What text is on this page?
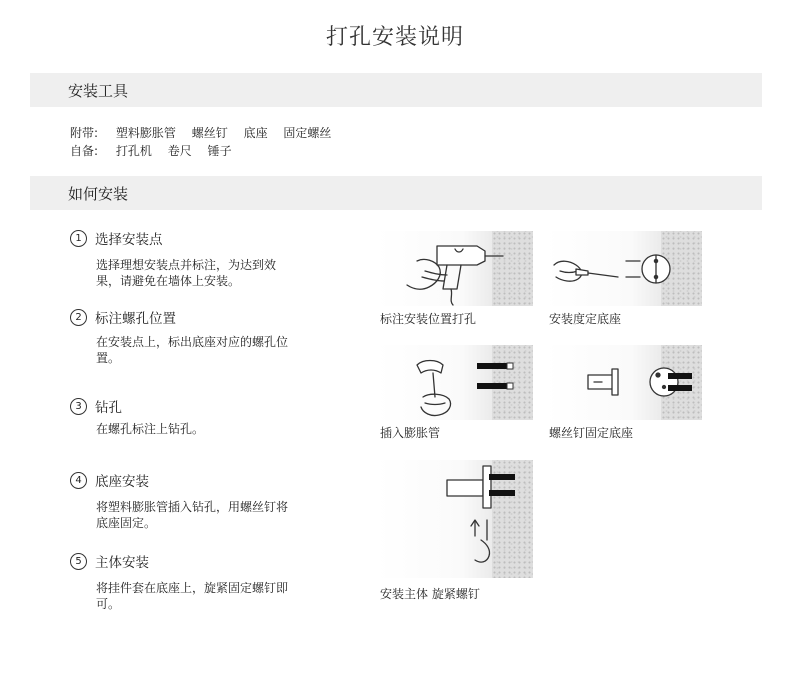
打孔安装说明
安装工具
附带: 塑料膨胀管 螺丝钉 底座 固定螺丝
自备: 打孔机 卷尺 锤子
如何安装
1 选择安装点
选择理想安装点并标注，为达到效果，请避免在墙体上安装。
2 标注螺孔位置
在安装点上，标出底座对应的螺孔位置。
3 钻孔
在螺孔标注上钻孔。
4 底座安装
将塑料膨胀管插入钻孔，用螺丝钉将底座固定。
5 主体安装
将挂件套在底座上，旋紧固定螺钉即可。
标注安装位置打孔	安装度定底座
插入膨胀管	螺丝钉固定底座
安装主体 旋紧螺钉
